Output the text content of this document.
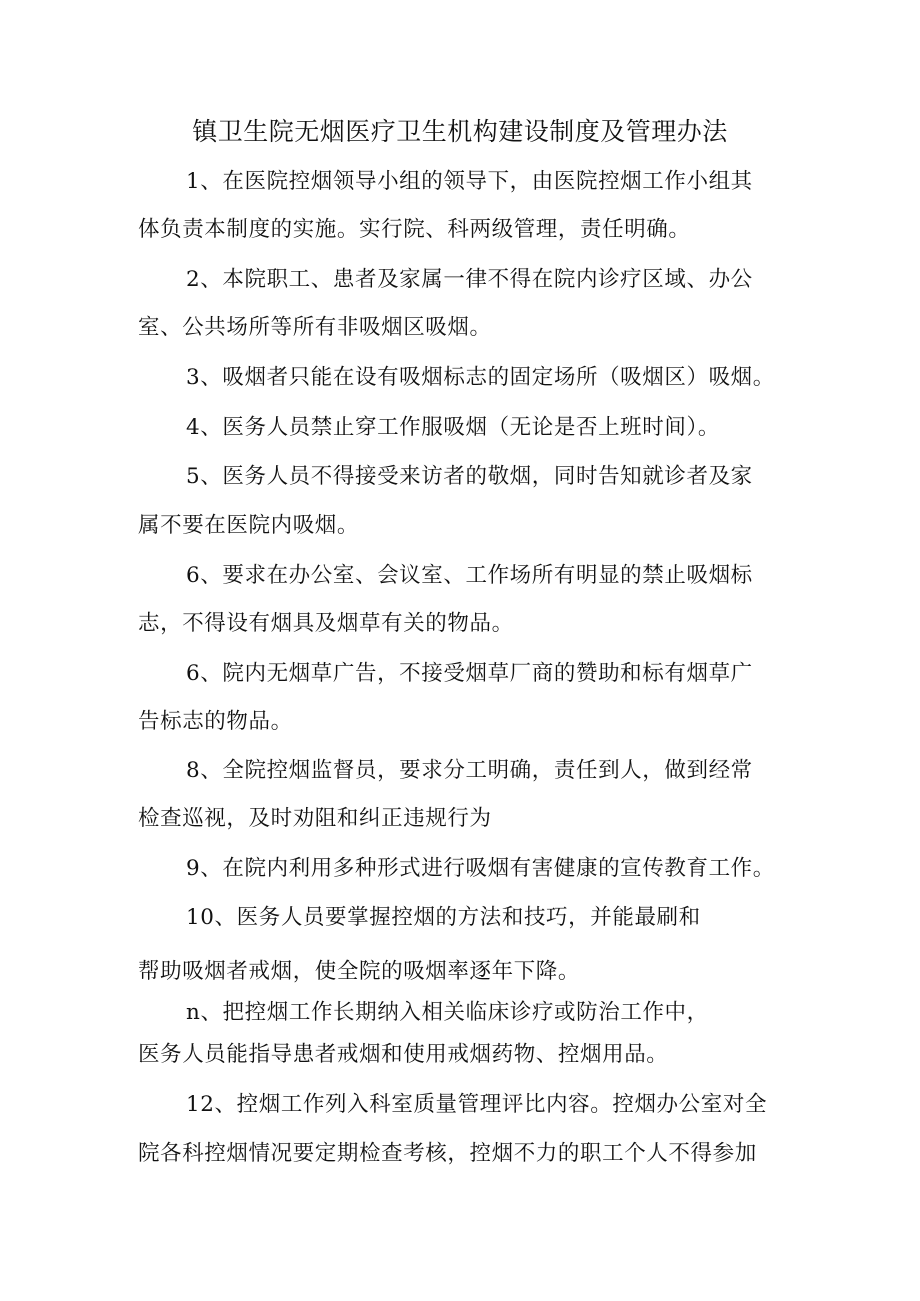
镇卫生院无烟医疗卫生机构建设制度及管理办法

1、在医院控烟领导小组的领导下，由医院控烟工作小组其

体负责本制度的实施。实行院、科两级管理，责任明确。

2、本院职工、患者及家属一律不得在院内诊疗区域、办公

室、公共场所等所有非吸烟区吸烟。

3、吸烟者只能在设有吸烟标志的固定场所（吸烟区）吸烟。

4、医务人员禁止穿工作服吸烟（无论是否上班时间）。

5、医务人员不得接受来访者的敬烟，同时告知就诊者及家

属不要在医院内吸烟。

6、要求在办公室、会议室、工作场所有明显的禁止吸烟标

志，不得设有烟具及烟草有关的物品。

6、院内无烟草广告，不接受烟草厂商的赞助和标有烟草广

告标志的物品。

8、全院控烟监督员，要求分工明确，责任到人，做到经常

检查巡视，及时劝阻和纠正违规行为

9、在院内利用多种形式进行吸烟有害健康的宣传教育工作。

10、医务人员要掌握控烟的方法和技巧，并能最刷和

帮助吸烟者戒烟，使全院的吸烟率逐年下降。

n、把控烟工作长期纳入相关临床诊疗或防治工作中，

医务人员能指导患者戒烟和使用戒烟药物、控烟用品。

12、控烟工作列入科室质量管理评比内容。控烟办公室对全

院各科控烟情况要定期检查考核，控烟不力的职工个人不得参加
